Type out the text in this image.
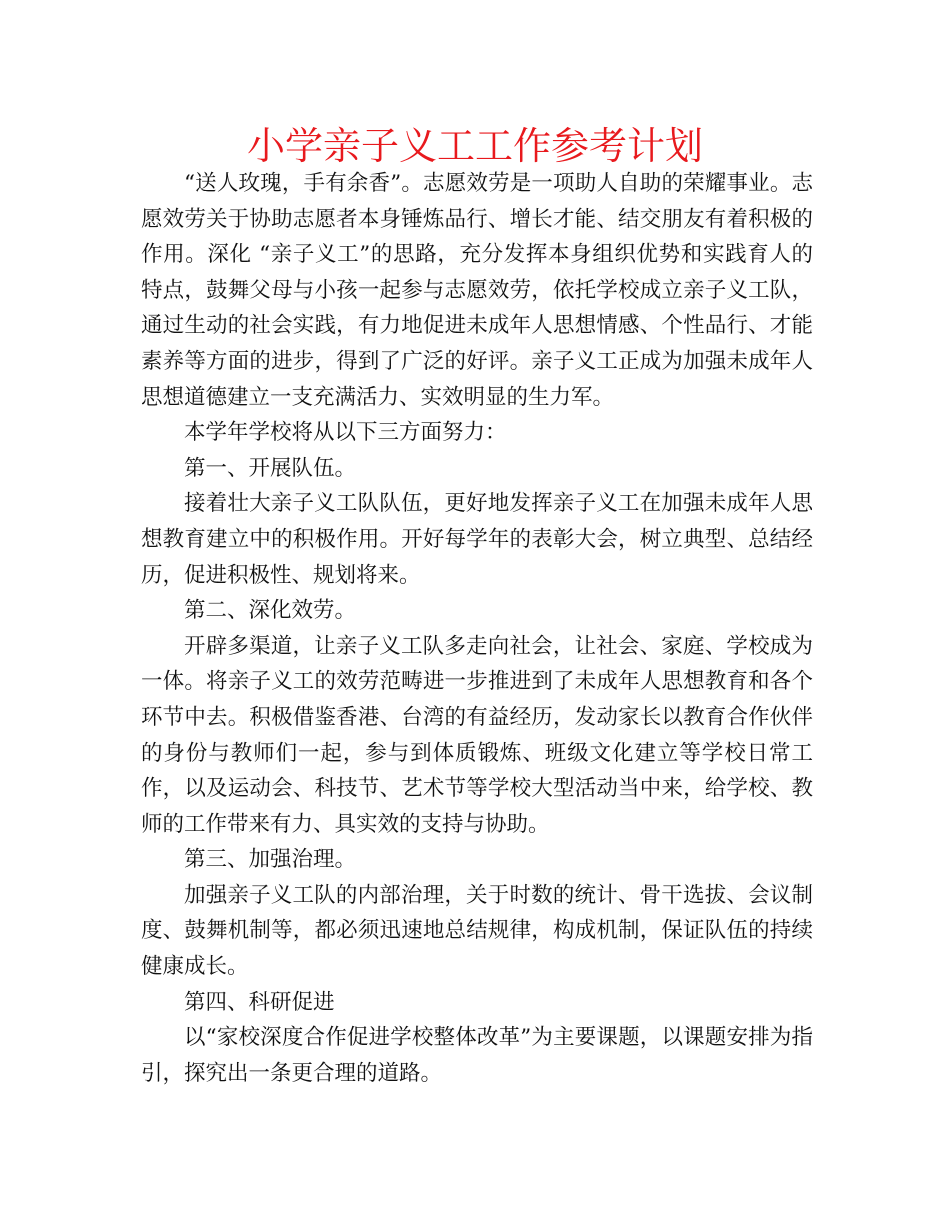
小学亲子义工工作参考计划

“送人玫瑰，手有余香”。志愿效劳是一项助人自助的荣耀事业。志愿效劳关于协助志愿者本身锤炼品行、增长才能、结交朋友有着积极的作用。深化 “亲子义工”的思路，充分发挥本身组织优势和实践育人的特点，鼓舞父母与小孩一起参与志愿效劳，依托学校成立亲子义工队，通过生动的社会实践，有力地促进未成年人思想情感、个性品行、才能素养等方面的进步，得到了广泛的好评。亲子义工正成为加强未成年人思想道德建立一支充满活力、实效明显的生力军。

本学年学校将从以下三方面努力：

第一、开展队伍。

接着壮大亲子义工队队伍，更好地发挥亲子义工在加强未成年人思想教育建立中的积极作用。开好每学年的表彰大会，树立典型、总结经历，促进积极性、规划将来。

第二、深化效劳。

开辟多渠道，让亲子义工队多走向社会，让社会、家庭、学校成为一体。将亲子义工的效劳范畴进一步推进到了未成年人思想教育和各个环节中去。积极借鉴香港、台湾的有益经历，发动家长以教育合作伙伴的身份与教师们一起，参与到体质锻炼、班级文化建立等学校日常工作，以及运动会、科技节、艺术节等学校大型活动当中来，给学校、教师的工作带来有力、具实效的支持与协助。

第三、加强治理。

加强亲子义工队的内部治理，关于时数的统计、骨干选拔、会议制度、鼓舞机制等，都必须迅速地总结规律，构成机制，保证队伍的持续健康成长。

第四、科研促进

以“家校深度合作促进学校整体改革”为主要课题，以课题安排为指引，探究出一条更合理的道路。
